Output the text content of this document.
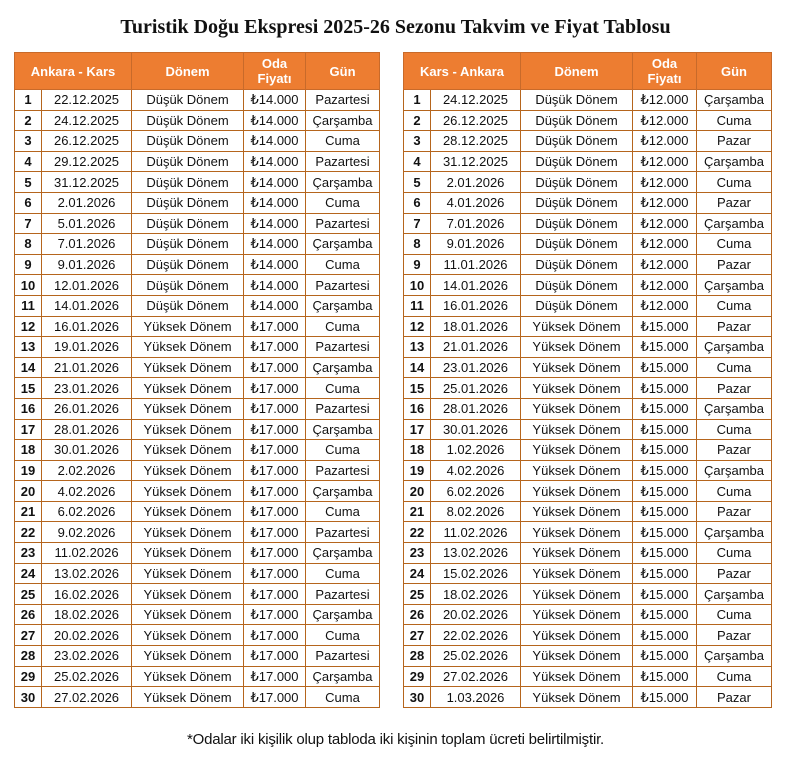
Turistik Doğu Ekspresi 2025-26 Sezonu Takvim ve Fiyat Tablosu
Ankara - Kars		Dönem	Oda
Fiyatı	Gün
1	22.12.2025	Düşük Dönem	₺14.000	Pazartesi
2	24.12.2025	Düşük Dönem	₺14.000	Çarşamba
3	26.12.2025	Düşük Dönem	₺14.000	Cuma
4	29.12.2025	Düşük Dönem	₺14.000	Pazartesi
5	31.12.2025	Düşük Dönem	₺14.000	Çarşamba
6	2.01.2026	Düşük Dönem	₺14.000	Cuma
7	5.01.2026	Düşük Dönem	₺14.000	Pazartesi
8	7.01.2026	Düşük Dönem	₺14.000	Çarşamba
9	9.01.2026	Düşük Dönem	₺14.000	Cuma
10	12.01.2026	Düşük Dönem	₺14.000	Pazartesi
11	14.01.2026	Düşük Dönem	₺14.000	Çarşamba
12	16.01.2026	Yüksek Dönem	₺17.000	Cuma
13	19.01.2026	Yüksek Dönem	₺17.000	Pazartesi
14	21.01.2026	Yüksek Dönem	₺17.000	Çarşamba
15	23.01.2026	Yüksek Dönem	₺17.000	Cuma
16	26.01.2026	Yüksek Dönem	₺17.000	Pazartesi
17	28.01.2026	Yüksek Dönem	₺17.000	Çarşamba
18	30.01.2026	Yüksek Dönem	₺17.000	Cuma
19	2.02.2026	Yüksek Dönem	₺17.000	Pazartesi
20	4.02.2026	Yüksek Dönem	₺17.000	Çarşamba
21	6.02.2026	Yüksek Dönem	₺17.000	Cuma
22	9.02.2026	Yüksek Dönem	₺17.000	Pazartesi
23	11.02.2026	Yüksek Dönem	₺17.000	Çarşamba
24	13.02.2026	Yüksek Dönem	₺17.000	Cuma
25	16.02.2026	Yüksek Dönem	₺17.000	Pazartesi
26	18.02.2026	Yüksek Dönem	₺17.000	Çarşamba
27	20.02.2026	Yüksek Dönem	₺17.000	Cuma
28	23.02.2026	Yüksek Dönem	₺17.000	Pazartesi
29	25.02.2026	Yüksek Dönem	₺17.000	Çarşamba
30	27.02.2026	Yüksek Dönem	₺17.000	Cuma
Kars - Ankara		Dönem	Oda
Fiyatı	Gün
1	24.12.2025	Düşük Dönem	₺12.000	Çarşamba
2	26.12.2025	Düşük Dönem	₺12.000	Cuma
3	28.12.2025	Düşük Dönem	₺12.000	Pazar
4	31.12.2025	Düşük Dönem	₺12.000	Çarşamba
5	2.01.2026	Düşük Dönem	₺12.000	Cuma
6	4.01.2026	Düşük Dönem	₺12.000	Pazar
7	7.01.2026	Düşük Dönem	₺12.000	Çarşamba
8	9.01.2026	Düşük Dönem	₺12.000	Cuma
9	11.01.2026	Düşük Dönem	₺12.000	Pazar
10	14.01.2026	Düşük Dönem	₺12.000	Çarşamba
11	16.01.2026	Düşük Dönem	₺12.000	Cuma
12	18.01.2026	Yüksek Dönem	₺15.000	Pazar
13	21.01.2026	Yüksek Dönem	₺15.000	Çarşamba
14	23.01.2026	Yüksek Dönem	₺15.000	Cuma
15	25.01.2026	Yüksek Dönem	₺15.000	Pazar
16	28.01.2026	Yüksek Dönem	₺15.000	Çarşamba
17	30.01.2026	Yüksek Dönem	₺15.000	Cuma
18	1.02.2026	Yüksek Dönem	₺15.000	Pazar
19	4.02.2026	Yüksek Dönem	₺15.000	Çarşamba
20	6.02.2026	Yüksek Dönem	₺15.000	Cuma
21	8.02.2026	Yüksek Dönem	₺15.000	Pazar
22	11.02.2026	Yüksek Dönem	₺15.000	Çarşamba
23	13.02.2026	Yüksek Dönem	₺15.000	Cuma
24	15.02.2026	Yüksek Dönem	₺15.000	Pazar
25	18.02.2026	Yüksek Dönem	₺15.000	Çarşamba
26	20.02.2026	Yüksek Dönem	₺15.000	Cuma
27	22.02.2026	Yüksek Dönem	₺15.000	Pazar
28	25.02.2026	Yüksek Dönem	₺15.000	Çarşamba
29	27.02.2026	Yüksek Dönem	₺15.000	Cuma
30	1.03.2026	Yüksek Dönem	₺15.000	Pazar
*Odalar iki kişilik olup tabloda iki kişinin toplam ücreti belirtilmiştir.
